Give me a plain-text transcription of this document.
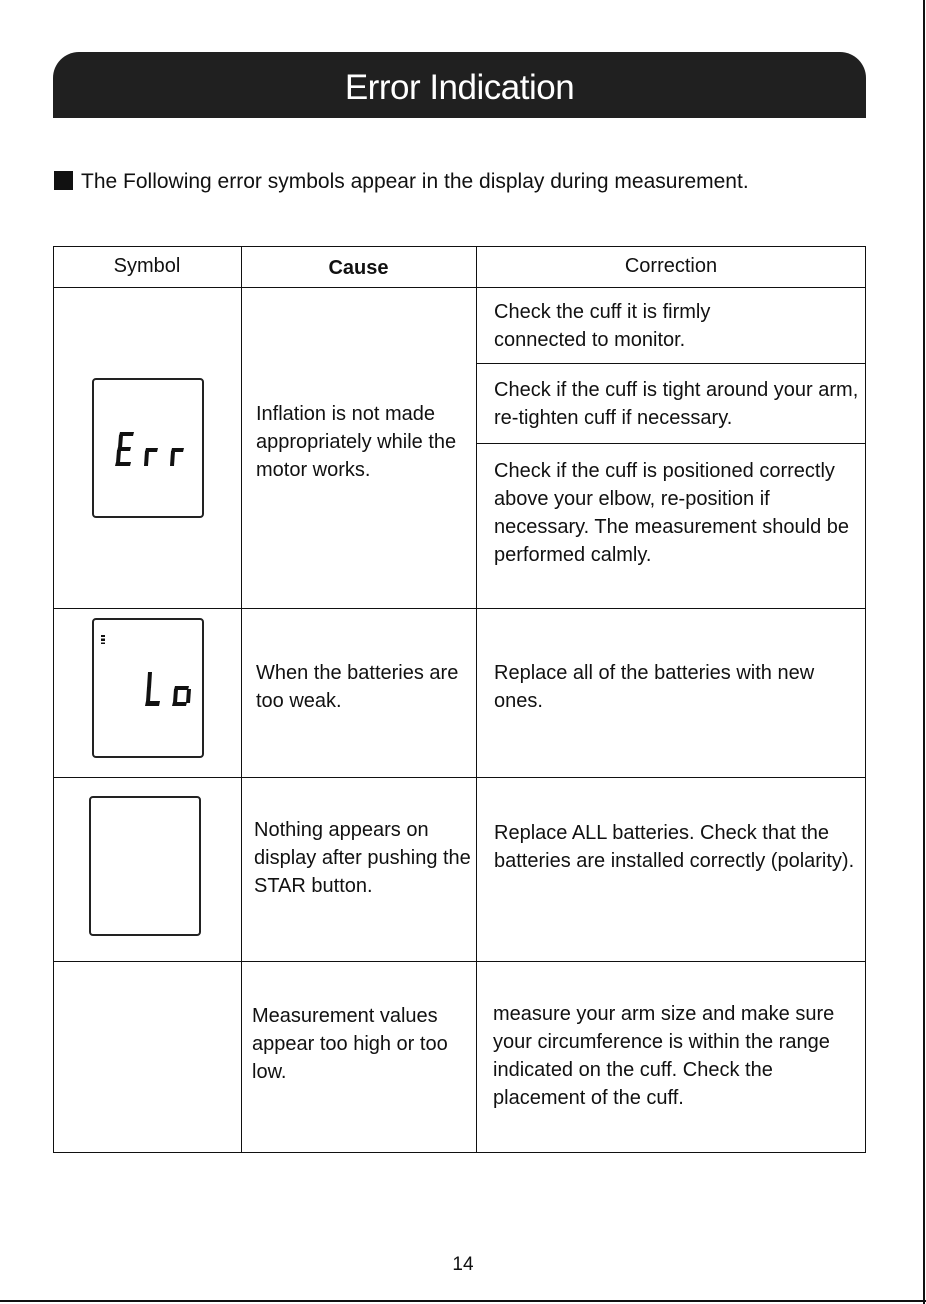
Error Indication
The Following error symbols appear in the display during measurement.
Symbol	Cause	Correction
Inflation is not made appropriately while the motor works.
Check the cuff it is firmly connected to monitor.
Check if the cuff is tight around your arm, re-tighten cuff if necessary.
Check if the cuff is positioned correctly above your elbow, re-position if necessary. The measurement should be performed calmly.
When the batteries are too weak.
Replace all of the batteries with new ones.
Nothing appears on display after pushing the STAR button.
Replace ALL batteries. Check that the batteries are installed correctly (polarity).
Measurement values appear too high or too low.
measure your arm size and make sure your circumference is within the range indicated on the cuff. Check the placement of the cuff.
14
